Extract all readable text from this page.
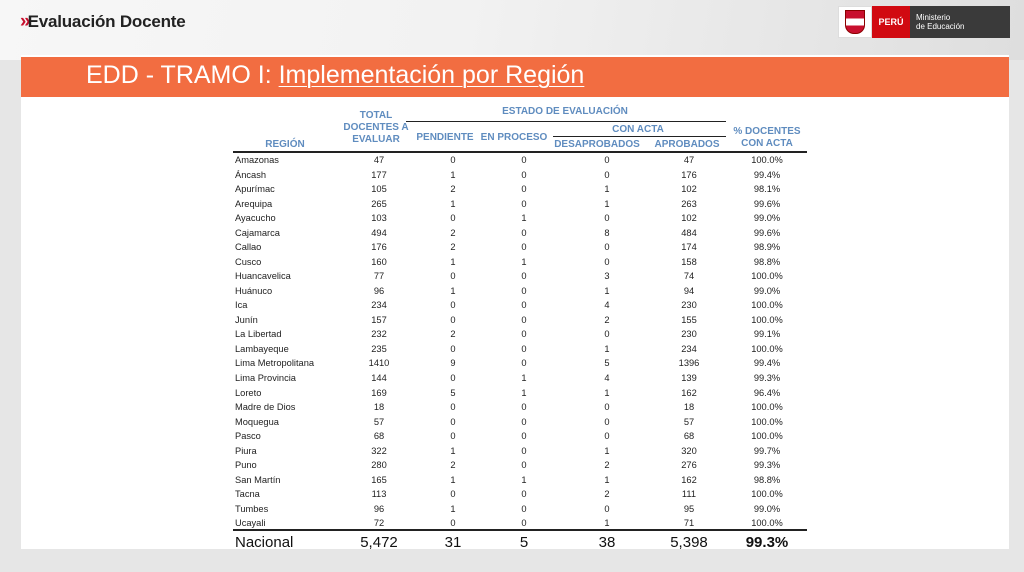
»Evaluación Docente	PERÚ	Ministerio
de Educación
EDD - TRAMO I: Implementación por Región
TOTAL
DOCENTES A
EVALUAR
ESTADO DE EVALUACIÓN
CON ACTA
REGIÓN
PENDIENTE EN PROCESO
DESAPROBADOS	APROBADOS
% DOCENTES
CON ACTA
Amazonas	47	0	0	0	47	100.0%
Áncash	177	1	0	0	176	99.4%
Apurímac	105	2	0	1	102	98.1%
Arequipa	265	1	0	1	263	99.6%
Ayacucho	103	0	1	0	102	99.0%
Cajamarca	494	2	0	8	484	99.6%
Callao	176	2	0	0	174	98.9%
Cusco	160	1	1	0	158	98.8%
Huancavelica	77	0	0	3	74	100.0%
Huánuco	96	1	0	1	94	99.0%
Ica	234	0	0	4	230	100.0%
Junín	157	0	0	2	155	100.0%
La Libertad	232	2	0	0	230	99.1%
Lambayeque	235	0	0	1	234	100.0%
Lima Metropolitana	1410	9	0	5	1396	99.4%
Lima Provincia	144	0	1	4	139	99.3%
Loreto	169	5	1	1	162	96.4%
Madre de Dios	18	0	0	0	18	100.0%
Moquegua	57	0	0	0	57	100.0%
Pasco	68	0	0	0	68	100.0%
Piura	322	1	0	1	320	99.7%
Puno	280	2	0	2	276	99.3%
San Martín	165	1	1	1	162	98.8%
Tacna	113	0	0	2	111	100.0%
Tumbes	96	1	0	0	95	99.0%
Ucayali	72	0	0	1	71	100.0%
Nacional	5,472	31	5	38	5,398	99.3%
